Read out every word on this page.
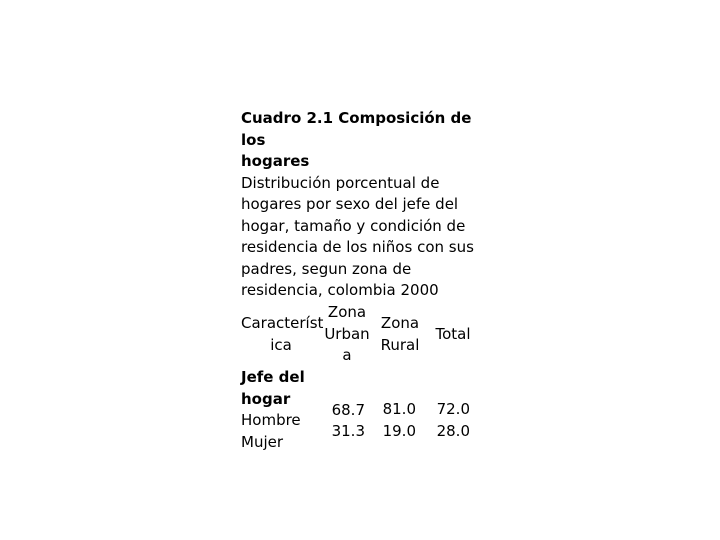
Cuadro 2.1 Composición de los
hogares
Distribución porcentual de
hogares por sexo del jefe del
hogar, tamaño y condición de
residencia de los niños con sus
padres, segun zona de
residencia, colombia 2000
Característ
ica
Zona
Urban
a
Zona
Rural
Total
Jefe del
hogar
Hombre
68.7 81.0 72.0
Mujer
31.3 19.0 28.0
